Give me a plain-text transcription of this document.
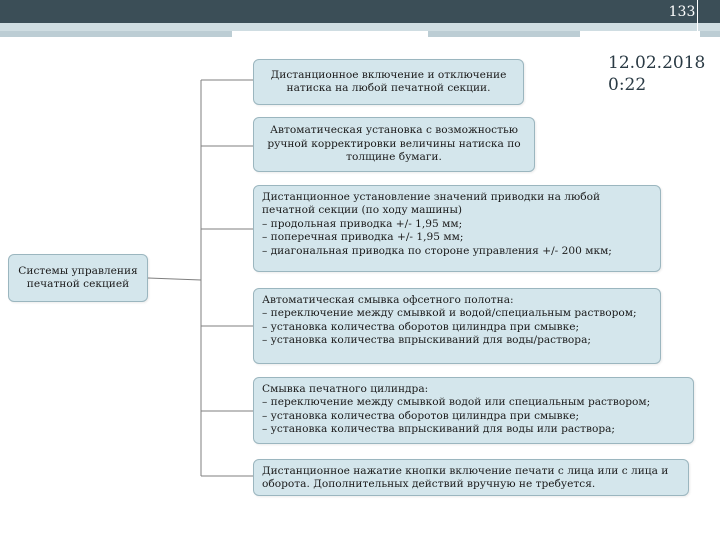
133
12.02.2018
0:22
Системы управления
печатной секцией
Дистанционное включение и отключение
натиска на любой печатной секции.
Автоматическая установка с возможностью
ручной корректировки величины натиска по
толщине бумаги.
Дистанционное установление значений приводки на любой
печатной секции (по ходу машины)
– продольная приводка +/- 1,95 мм;
– поперечная приводка +/- 1,95 мм;
– диагональная приводка по стороне управления +/- 200 мкм;
Автоматическая смывка офсетного полотна:
– переключение между смывкой и водой/специальным раствором;
– установка количества оборотов цилиндра при смывке;
– установка количества впрыскиваний для воды/раствора;
Смывка печатного цилиндра:
– переключение между смывкой водой или специальным раствором;
– установка количества оборотов цилиндра при смывке;
– установка количества впрыскиваний для воды или раствора;
Дистанционное нажатие кнопки включение печати с лица или с лица и
оборота. Дополнительных действий вручную не требуется.
